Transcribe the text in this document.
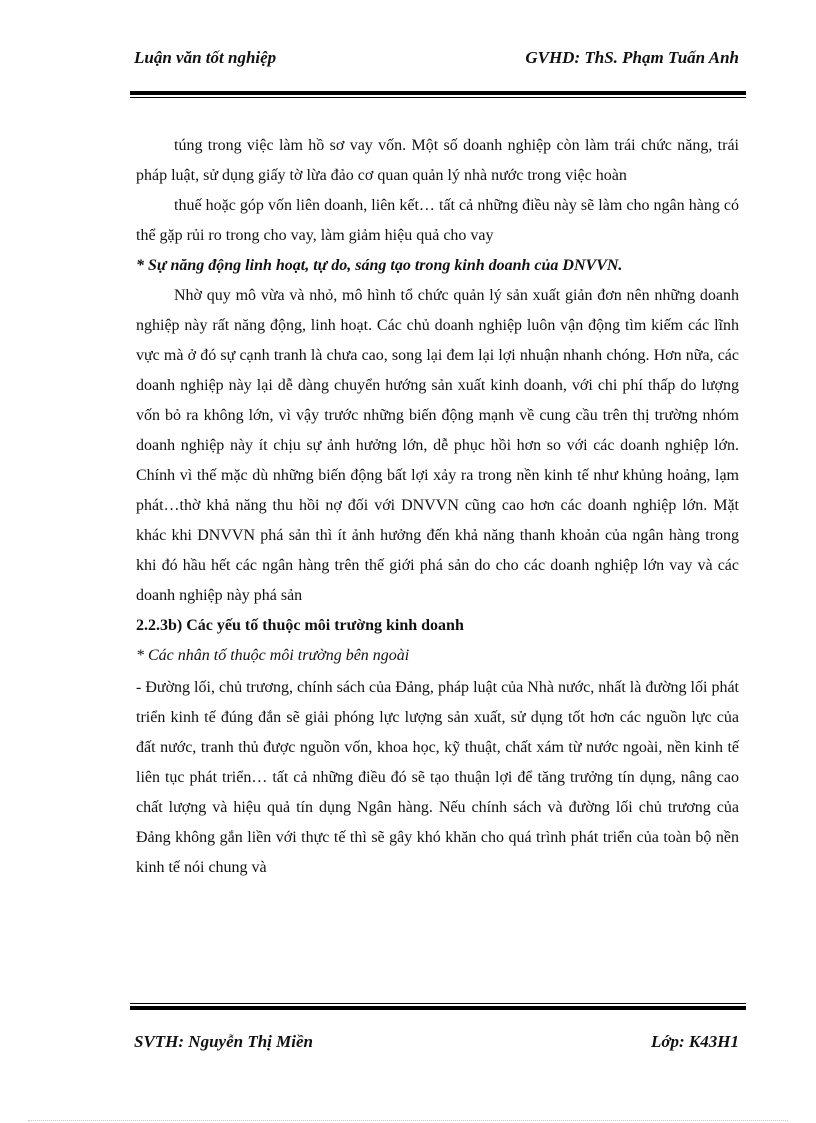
Luận văn tốt nghiệp	GVHD: ThS. Phạm Tuấn Anh

túng trong việc làm hồ sơ vay vốn. Một số doanh nghiệp còn làm trái chức năng, trái pháp luật, sử dụng giấy tờ lừa đảo cơ quan quản lý nhà nước trong việc hoàn

thuế hoặc góp vốn liên doanh, liên kết… tất cả những điều này sẽ làm cho ngân hàng có thể gặp rủi ro trong cho vay, làm giảm hiệu quả cho vay

* Sự năng động linh hoạt, tự do, sáng tạo trong kinh doanh của DNVVN.

Nhờ quy mô vừa và nhỏ, mô hình tổ chức quản lý sản xuất giản đơn nên những doanh nghiệp này rất năng động, linh hoạt. Các chủ doanh nghiệp luôn vận động tìm kiếm các lĩnh vực mà ở đó sự cạnh tranh là chưa cao, song lại đem lại lợi nhuận nhanh chóng. Hơn nữa, các doanh nghiệp này lại dễ dàng chuyển hướng sản xuất kinh doanh, với chi phí thấp do lượng vốn bỏ ra không lớn, vì vậy trước những biến động mạnh về cung cầu trên thị trường nhóm doanh nghiệp này ít chịu sự ảnh hưởng lớn, dễ phục hồi hơn so với các doanh nghiệp lớn. Chính vì thế mặc dù những biến động bất lợi xảy ra trong nền kinh tế như khủng hoảng, lạm phát…thờ khả năng thu hồi nợ đối với DNVVN cũng cao hơn các doanh nghiệp lớn. Mặt khác khi DNVVN phá sản thì ít ảnh hưởng đến khả năng thanh khoản của ngân hàng trong khi đó hầu hết các ngân hàng trên thế giới phá sản do cho các doanh nghiệp lớn vay và các doanh nghiệp này phá sản

2.2.3b) Các yếu tố thuộc môi trường kinh doanh

* Các nhân tố thuộc môi trường bên ngoài

- Đường lối, chủ trương, chính sách của Đảng, pháp luật của Nhà nước, nhất là đường lối phát triển kinh tế đúng đắn sẽ giải phóng lực lượng sản xuất, sử dụng tốt hơn các nguồn lực của đất nước, tranh thủ được nguồn vốn, khoa học, kỹ thuật, chất xám từ nước ngoài, nền kinh tế liên tục phát triển… tất cả những điều đó sẽ tạo thuận lợi để tăng trưởng tín dụng, nâng cao chất lượng và hiệu quả tín dụng Ngân hàng. Nếu chính sách và đường lối chủ trương của Đảng không gắn liền với thực tế thì sẽ gây khó khăn cho quá trình phát triển của toàn bộ nền kinh tế nói chung và

SVTH: Nguyễn Thị Miền	Lớp: K43H1
